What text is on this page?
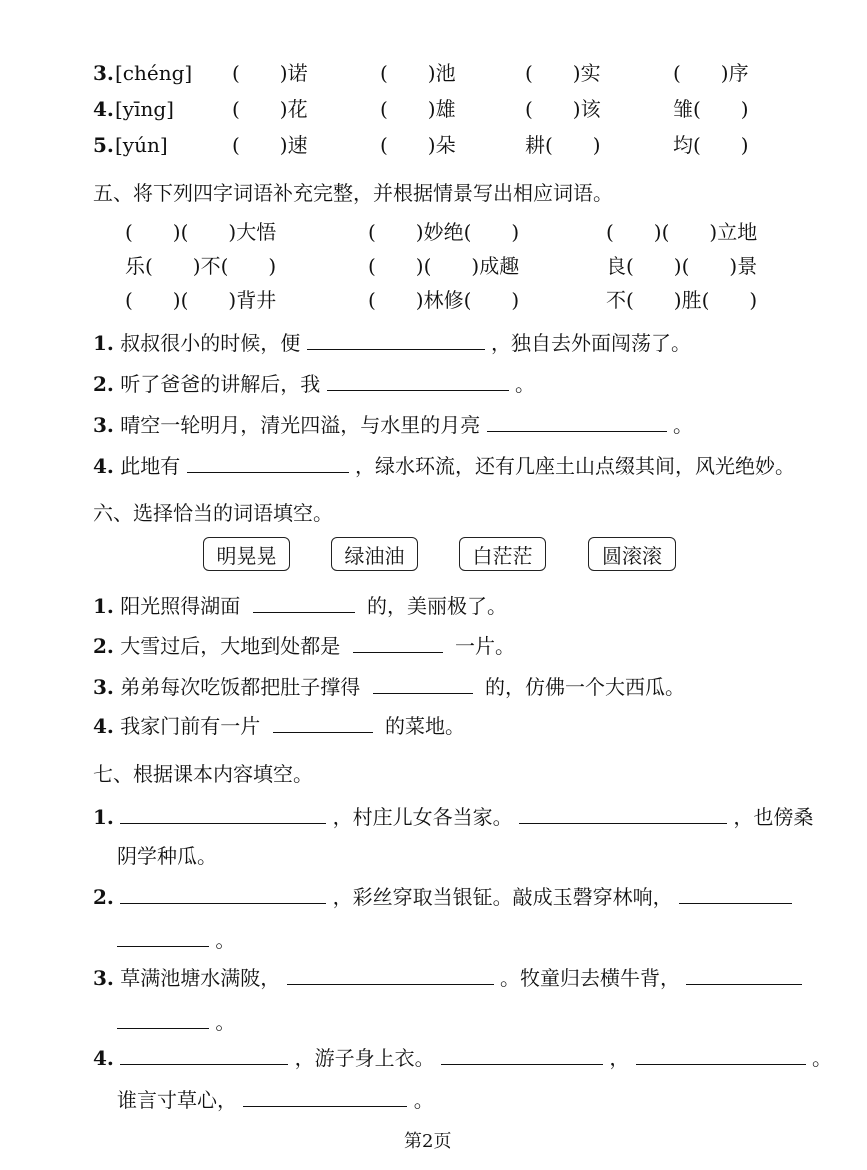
3. [chéng] (　　)诺	(　　)池	(　　)实	(　　)序
4. [yīng]	(　　)花	(　　)雄	(　　)该	雏(　　)
5. [yún]	(　　)速	(　　)朵	耕(　　)	均(　　)
五、将下列四字词语补充完整，并根据情景写出相应词语。
(　　)(　　)大悟	(　　)妙绝(　　)	(　　)(　　)立地
乐(　　)不(　　)	(　　)(　　)成趣	良(　　)(　　)景
(　　)(　　)背井	(　　)林修(　　)	不(　　)胜(　　)
1. 叔叔很小的时候，便	，独自去外面闯荡了。
2. 听了爸爸的讲解后，我	。
3. 晴空一轮明月，清光四溢，与水里的月亮	。
4. 此地有	，绿水环流，还有几座土山点缀其间，风光绝妙。
六、选择恰当的词语填空。
明晃晃	绿油油	白茫茫	圆滚滚
1. 阳光照得湖面	的，美丽极了。
2. 大雪过后，大地到处都是	一片。
3. 弟弟每次吃饭都把肚子撑得	的，仿佛一个大西瓜。
4. 我家门前有一片	的菜地。
七、根据课本内容填空。
1.	，村庄儿女各当家。	，也傍桑
阴学种瓜。
2.	，彩丝穿取当银钲。敲成玉磬穿林响，
。
3. 草满池塘水满陂，	。牧童归去横牛背，
。
4.	，游子身上衣。	，	。
谁言寸草心，	。
第2页
